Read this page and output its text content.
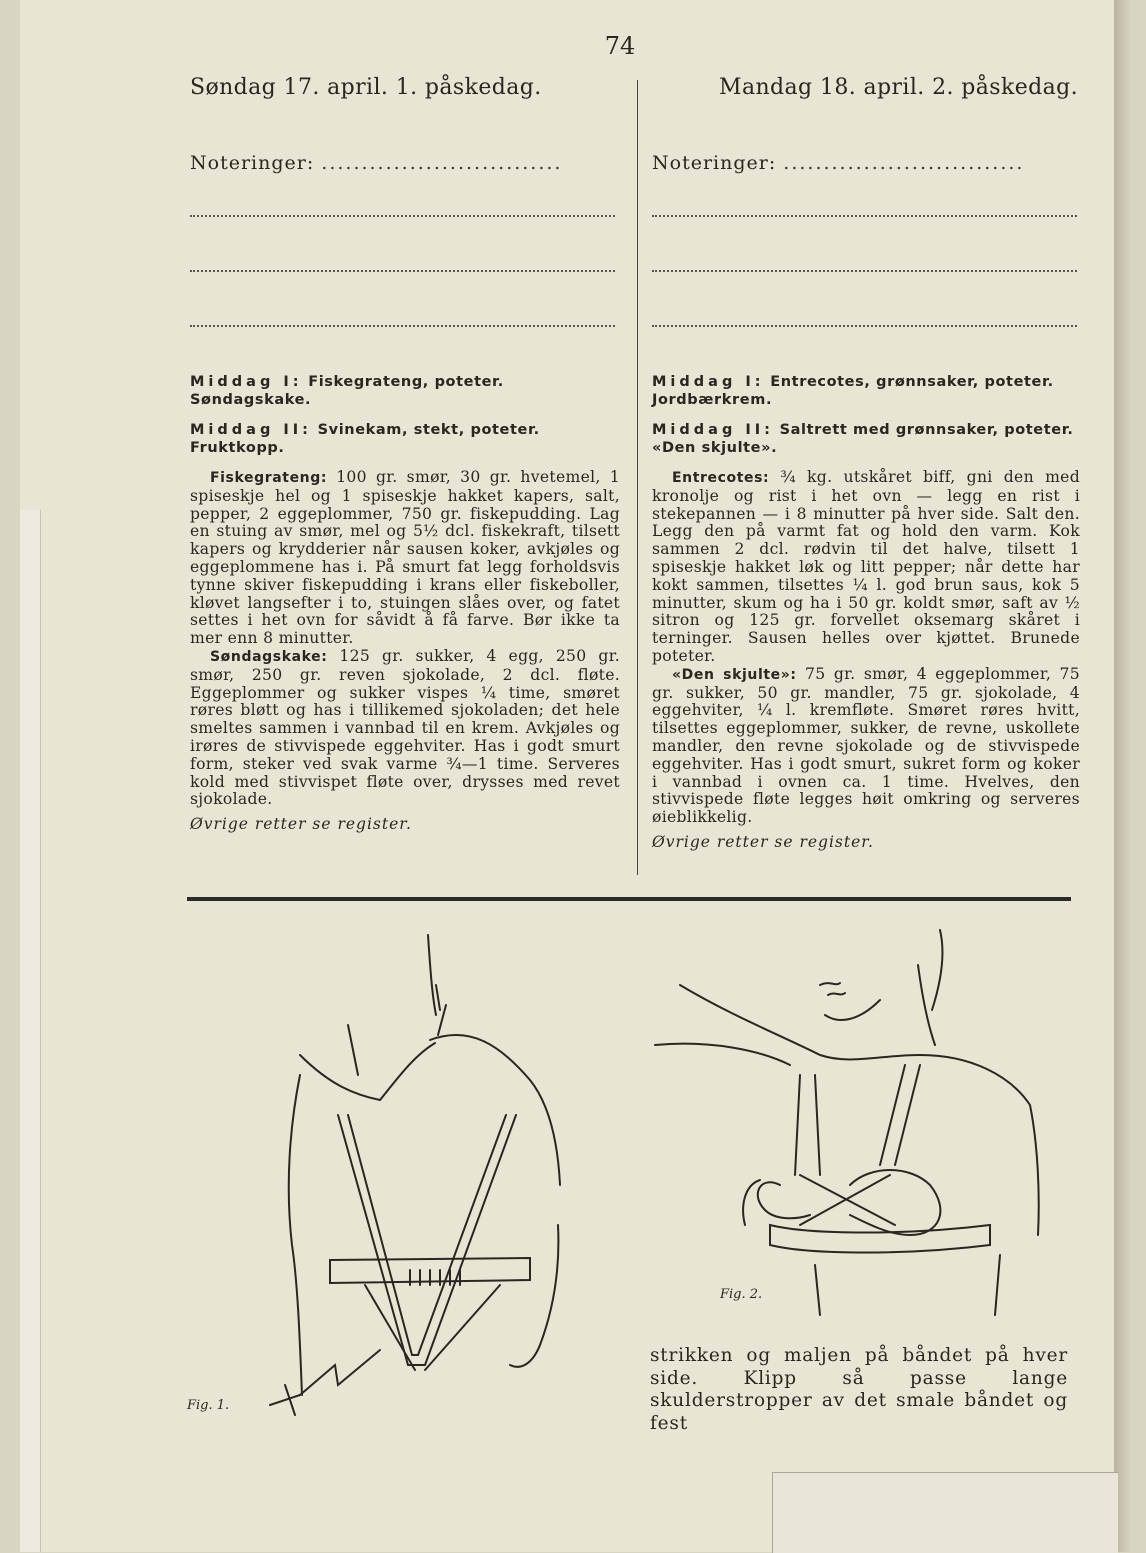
74
Søndag 17. april. 1. påskedag.
Noteringer: ..............................

Middag I: Fiskegrateng, poteter. Søndagskake.

Middag II: Svinekam, stekt, poteter. Fruktkopp.

Fiskegrateng: 100 gr. smør, 30 gr. hvetemel, 1 spiseskje hel og 1 spiseskje hakket kapers, salt, pepper, 2 eggeplommer, 750 gr. fiskepudding. Lag en stuing av smør, mel og 5½ dcl. fiskekraft, tilsett kapers og krydderier når sausen koker, avkjøles og eggeplommene has i. På smurt fat legg forholdsvis tynne skiver fiskepudding i krans eller fiskeboller, kløvet langsefter i to, stuingen slåes over, og fatet settes i het ovn for såvidt å få farve. Bør ikke ta mer enn 8 minutter.

Søndagskake: 125 gr. sukker, 4 egg, 250 gr. smør, 250 gr. reven sjokolade, 2 dcl. fløte. Eggeplommer og sukker vispes ¼ time, smøret røres bløtt og has i tillikemed sjokoladen; det hele smeltes sammen i vannbad til en krem. Avkjøles og irøres de stivvispede eggehviter. Has i godt smurt form, steker ved svak varme ¾—1 time. Serveres kold med stivvispet fløte over, drysses med revet sjokolade.

Øvrige retter se register.
Mandag 18. april. 2. påskedag.
Noteringer: ..............................

Middag I: Entrecotes, grønnsaker, poteter. Jordbærkrem.

Middag II: Saltrett med grønnsaker, poteter. «Den skjulte».

Entrecotes: ¾ kg. utskåret biff, gni den med kronolje og rist i het ovn — legg en rist i stekepannen — i 8 minutter på hver side. Salt den. Legg den på varmt fat og hold den varm. Kok sammen 2 dcl. rødvin til det halve, tilsett 1 spiseskje hakket løk og litt pepper; når dette har kokt sammen, tilsettes ¼ l. god brun saus, kok 5 minutter, skum og ha i 50 gr. koldt smør, saft av ½ sitron og 125 gr. forvellet oksemarg skåret i terninger. Sausen helles over kjøttet. Brunede poteter.

«Den skjulte»: 75 gr. smør, 4 eggeplommer, 75 gr. sukker, 50 gr. mandler, 75 gr. sjokolade, 4 eggehviter, ¼ l. kremfløte. Smøret røres hvitt, tilsettes eggeplommer, sukker, de revne, uskollete mandler, den revne sjokolade og de stivvispede eggehviter. Has i godt smurt, sukret form og koker i vannbad i ovnen ca. 1 time. Hvelves, den stivvispede fløte legges høit omkring og serveres øieblikkelig.

Øvrige retter se register.
Fig. 1.
Fig. 2.
strikken og maljen på båndet på hver side. Klipp så passe lange skulderstropper av det smale båndet og fest
